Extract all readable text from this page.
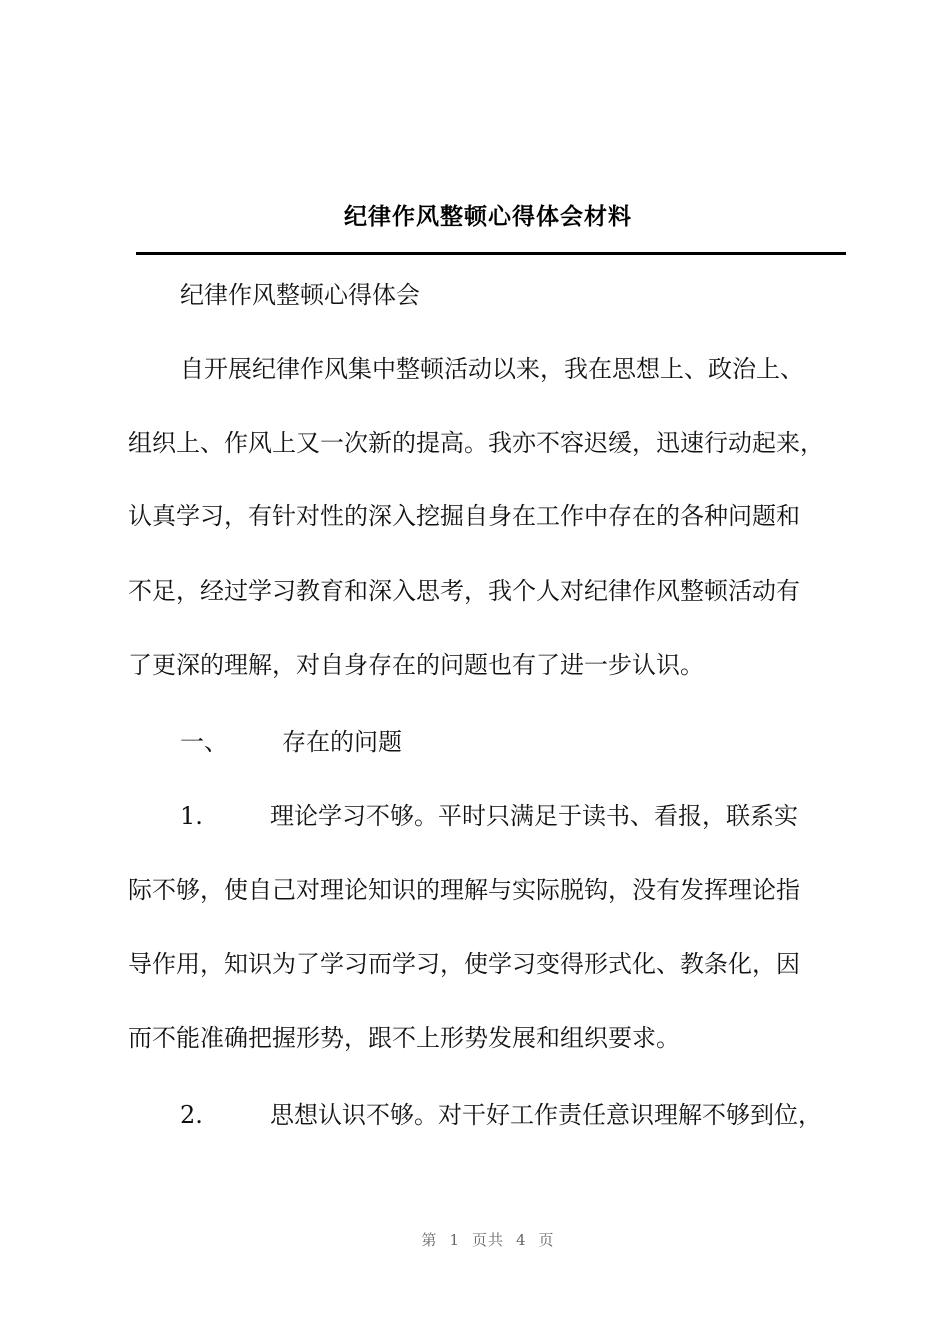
纪律作风整顿心得体会材料
纪律作风整顿心得体会
自开展纪律作风集中整顿活动以来，我在思想上、政治上、
组织上、作风上又一次新的提高。我亦不容迟缓，迅速行动起来，
认真学习，有针对性的深入挖掘自身在工作中存在的各种问题和
不足，经过学习教育和深入思考，我个人对纪律作风整顿活动有
了更深的理解，对自身存在的问题也有了进一步认识。
一、 存在的问题
1.	理论学习不够。平时只满足于读书、看报，联系实
际不够，使自己对理论知识的理解与实际脱钩，没有发挥理论指
导作用，知识为了学习而学习，使学习变得形式化、教条化，因
而不能准确把握形势，跟不上形势发展和组织要求。
2.	思想认识不够。对干好工作责任意识理解不够到位，
第 1 页共 4 页
